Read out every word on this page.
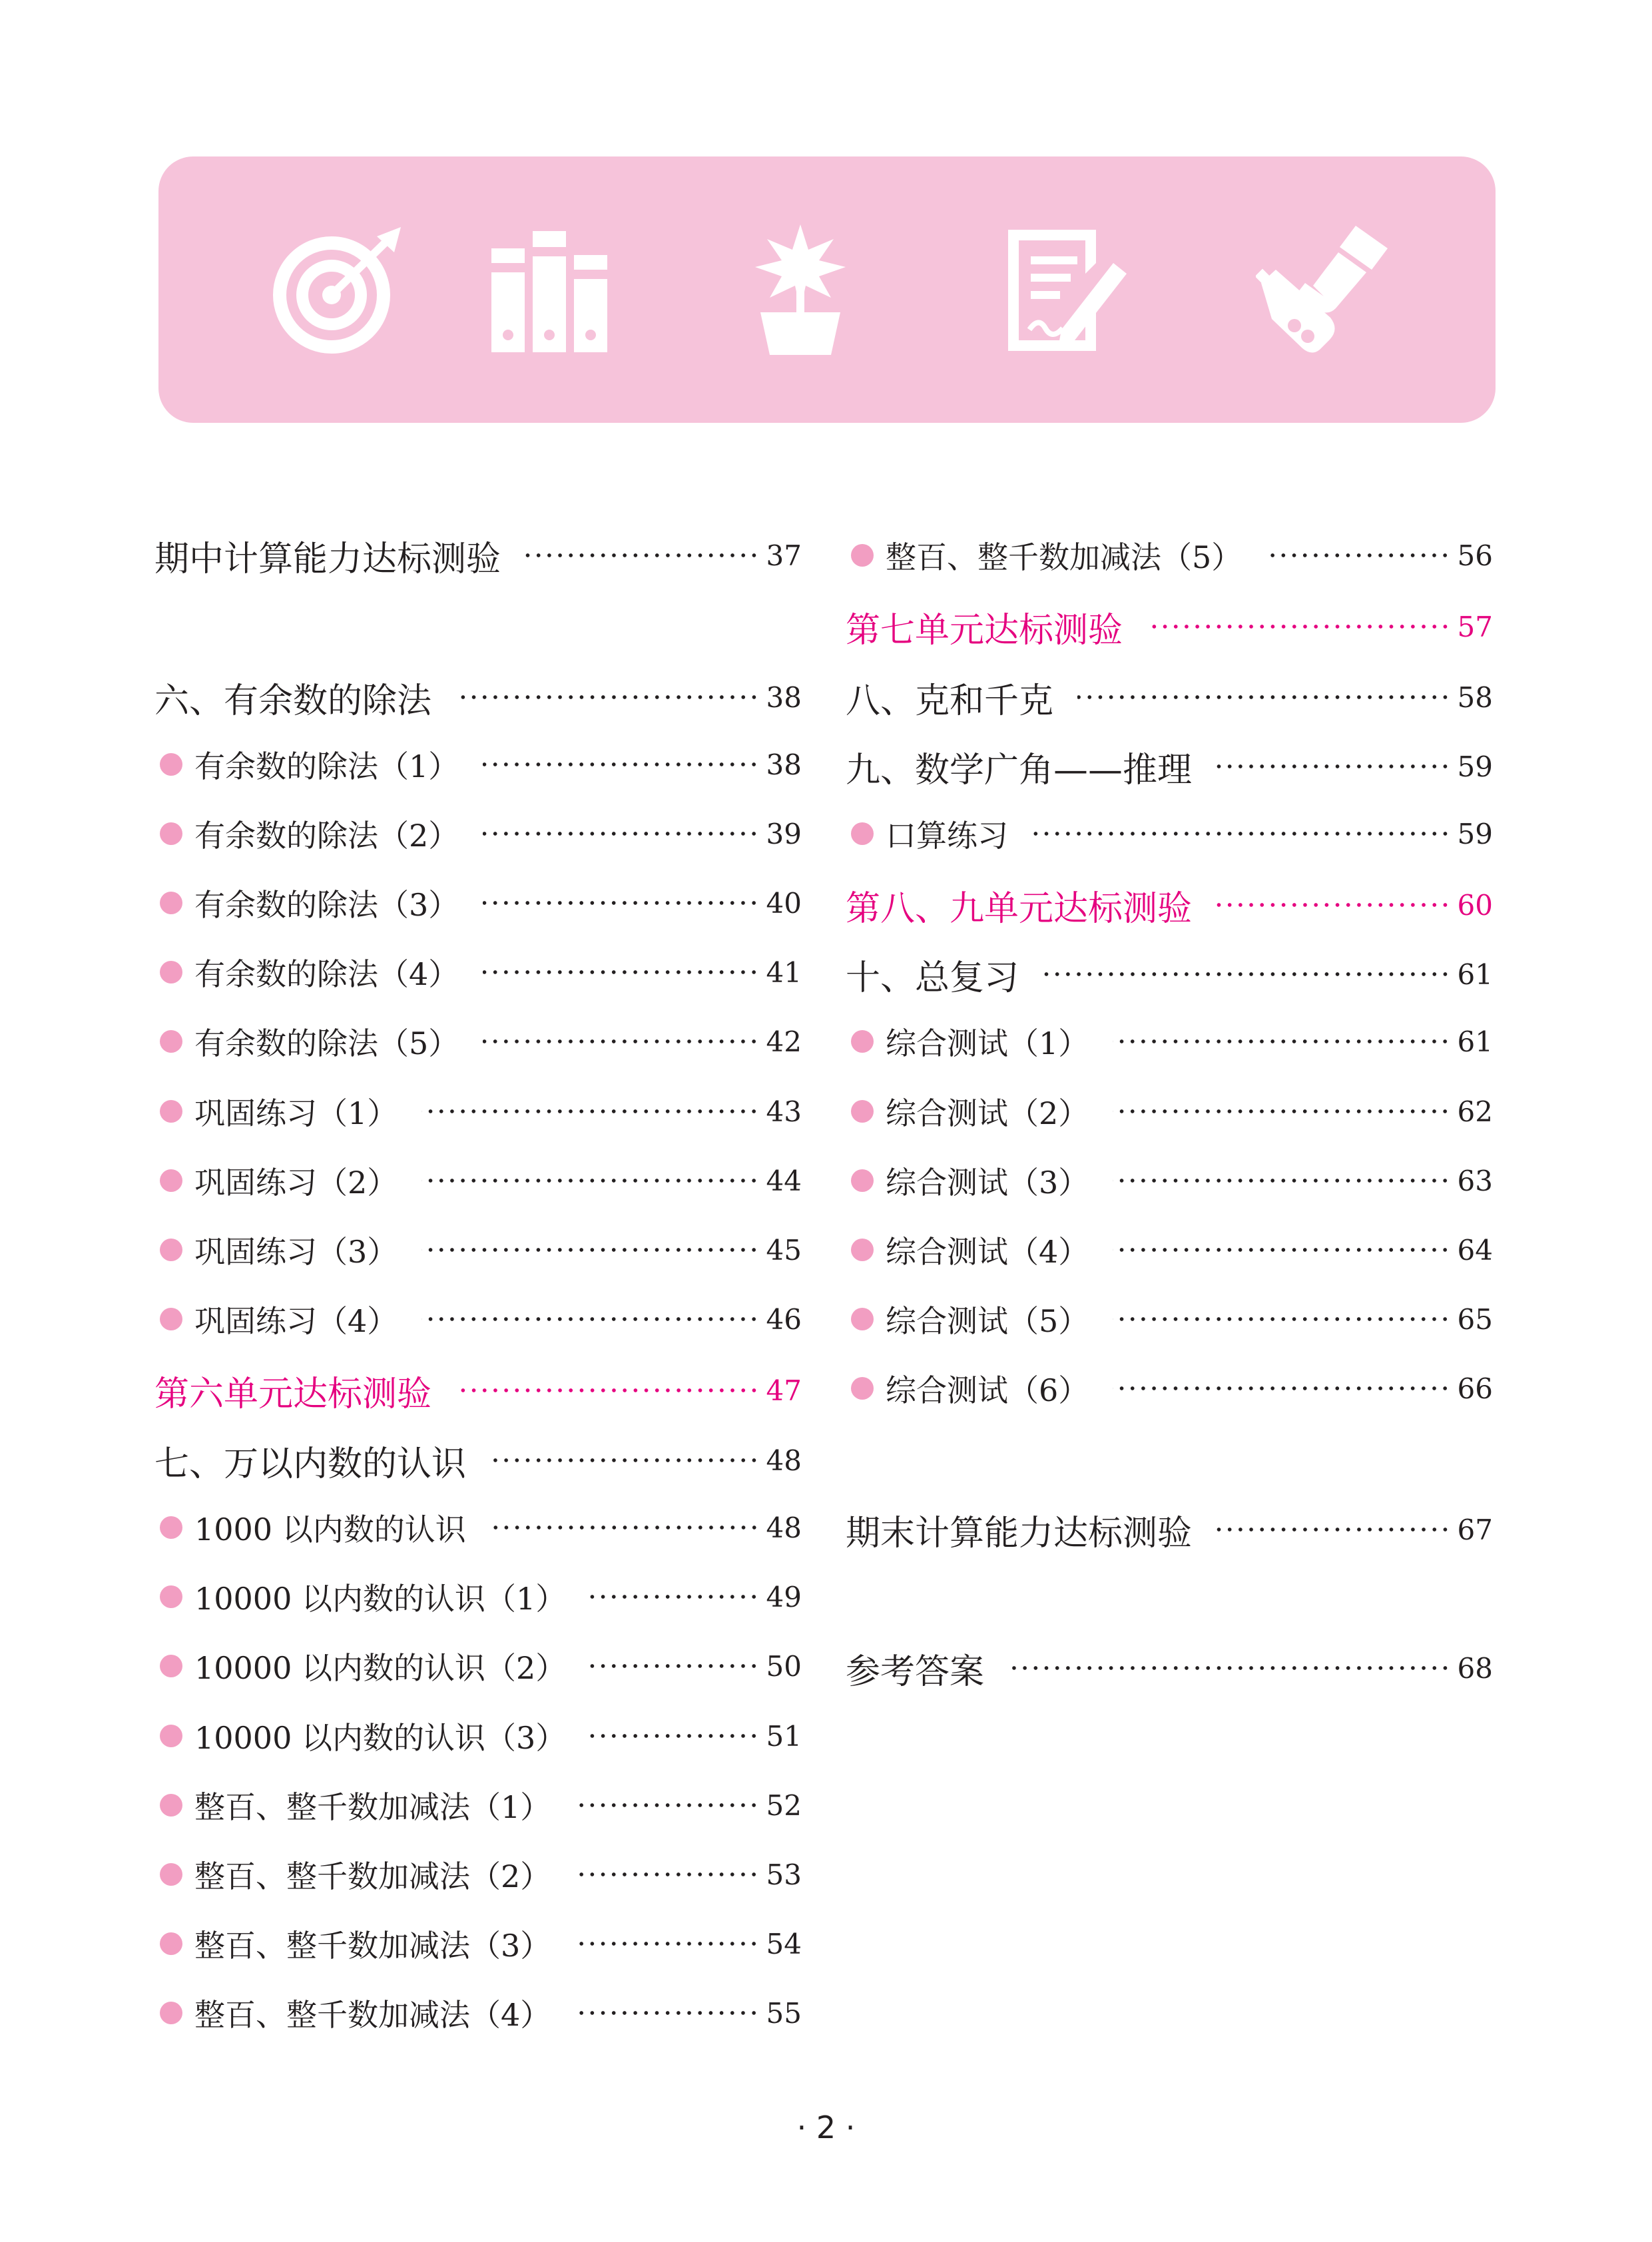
期中计算能力达标测验	37
六、有余数的除法	38
有余数的除法（1）	38
有余数的除法（2）	39
有余数的除法（3）	40
有余数的除法（4）	41
有余数的除法（5）	42
巩固练习（1）	43
巩固练习（2）	44
巩固练习（3）	45
巩固练习（4）	46
第六单元达标测验	47
七、万以内数的认识	48
1000 以内数的认识	48
10000 以内数的认识（1）	49
10000 以内数的认识（2）	50
10000 以内数的认识（3）	51
整百、整千数加减法（1）	52
整百、整千数加减法（2）	53
整百、整千数加减法（3）	54
整百、整千数加减法（4）	55
整百、整千数加减法（5）	56
第七单元达标测验	57
八、克和千克	58
九、数学广角——推理	59
口算练习	59
第八、九单元达标测验	60
十、总复习	61
综合测试（1）	61
综合测试（2）	62
综合测试（3）	63
综合测试（4）	64
综合测试（5）	65
综合测试（6）	66
期末计算能力达标测验	67
参考答案	68
· 2 ·
